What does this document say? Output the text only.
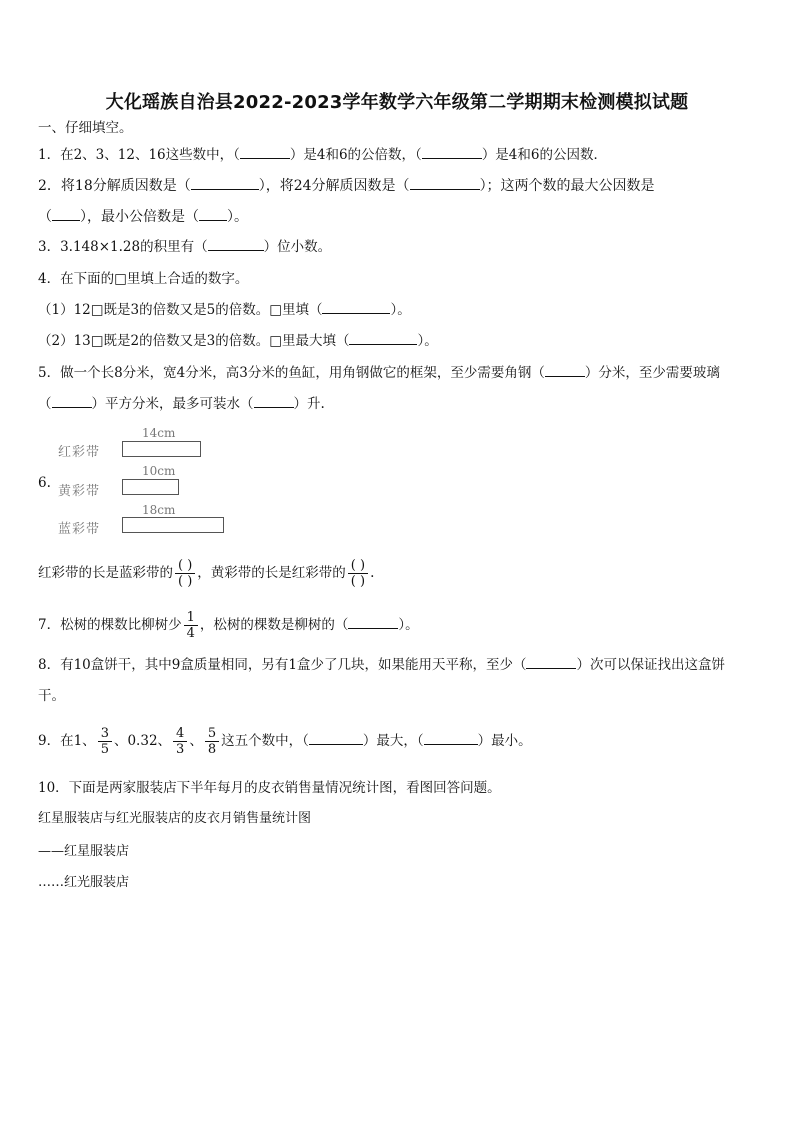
大化瑶族自治县2022-2023学年数学六年级第二学期期末检测模拟试题
一、仔细填空。
1．在2、3、12、16这些数中，（	）是4和6的公倍数，（	）是4和6的公因数．
2．将18分解质因数是（	），将24分解质因数是（	）；这两个数的最大公因数是
（ ），最小公倍数是（ ）。
3．3.148×1.28的积里有（	）位小数。
4．在下面的□里填上合适的数字。
（1）12□既是3的倍数又是5的倍数。□里填（	）。
（2）13□既是2的倍数又是3的倍数。□里最大填（	）。
5．做一个长8分米，宽4分米，高3分米的鱼缸，用角钢做它的框架，至少需要角钢（	）分米，至少需要玻璃
（	）平方分米，最多可装水（	）升.
6.
14cm
红彩带
10cm
黄彩带
18cm
蓝彩带
红彩带的长是蓝彩带的 $\frac{( )}{( )}$ ，黄彩带的长是红彩带的 $\frac{( )}{( )}$ .
7．松树的棵数比柳树少 $\frac{1}{4}$ ，松树的棵数是柳树的（	）。
8．有10盒饼干，其中9盒质量相同，另有1盒少了几块，如果能用天平称，至少（	）次可以保证找出这盒饼
干。
9．在1、 $\frac{3}{5}$ 、0.32、 $\frac{4}{3}$ 、 $\frac{5}{8}$ 这五个数中，（	）最大，（	）最小。
10．下面是两家服装店下半年每月的皮衣销售量情况统计图，看图回答问题。
红星服装店与红光服装店的皮衣月销售量统计图
——红星服装店
……红光服装店
